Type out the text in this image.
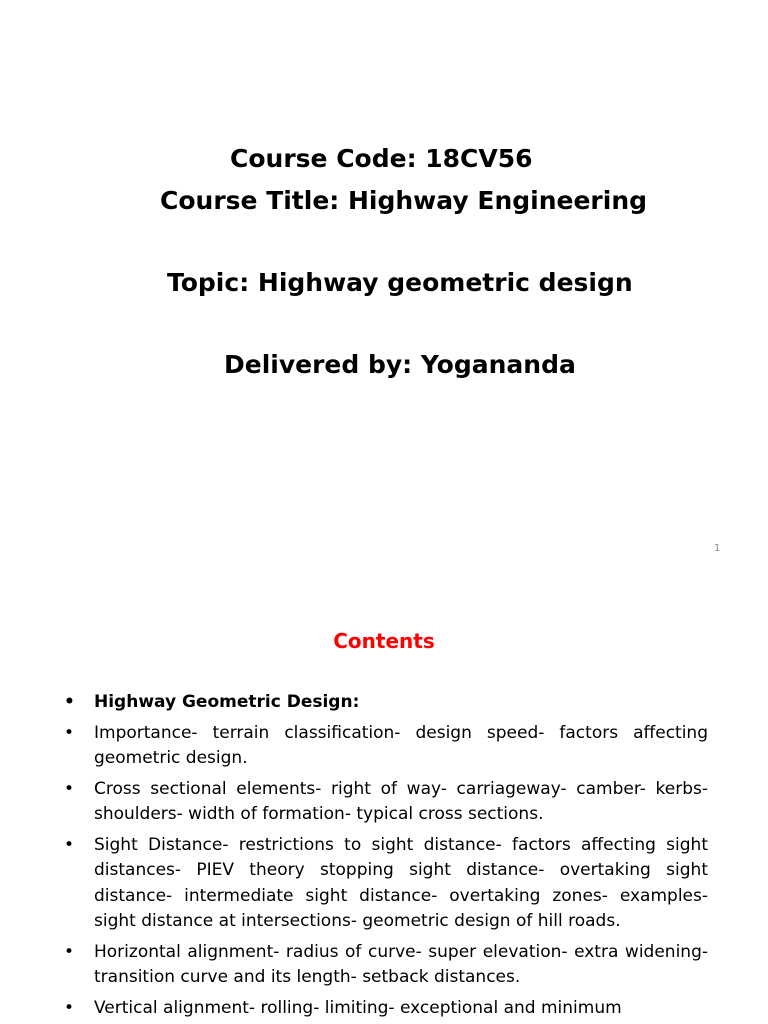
Course Code: 18CV56
Course Title: Highway Engineering
Topic: Highway geometric design
Delivered by: Yogananda
1
Contents
• Highway Geometric Design:
• Importance- terrain classification- design speed- factors affecting geometric design.
• Cross sectional elements- right of way- carriageway- camber- kerbs- shoulders- width of formation- typical cross sections.
• Sight Distance- restrictions to sight distance- factors affecting sight distances- PIEV theory stopping sight distance- overtaking sight distance- intermediate sight distance- overtaking zones- examples- sight distance at intersections- geometric design of hill roads.
• Horizontal alignment- radius of curve- super elevation- extra widening- transition curve and its length- setback distances.
• Vertical alignment- rolling- limiting- exceptional and minimum
